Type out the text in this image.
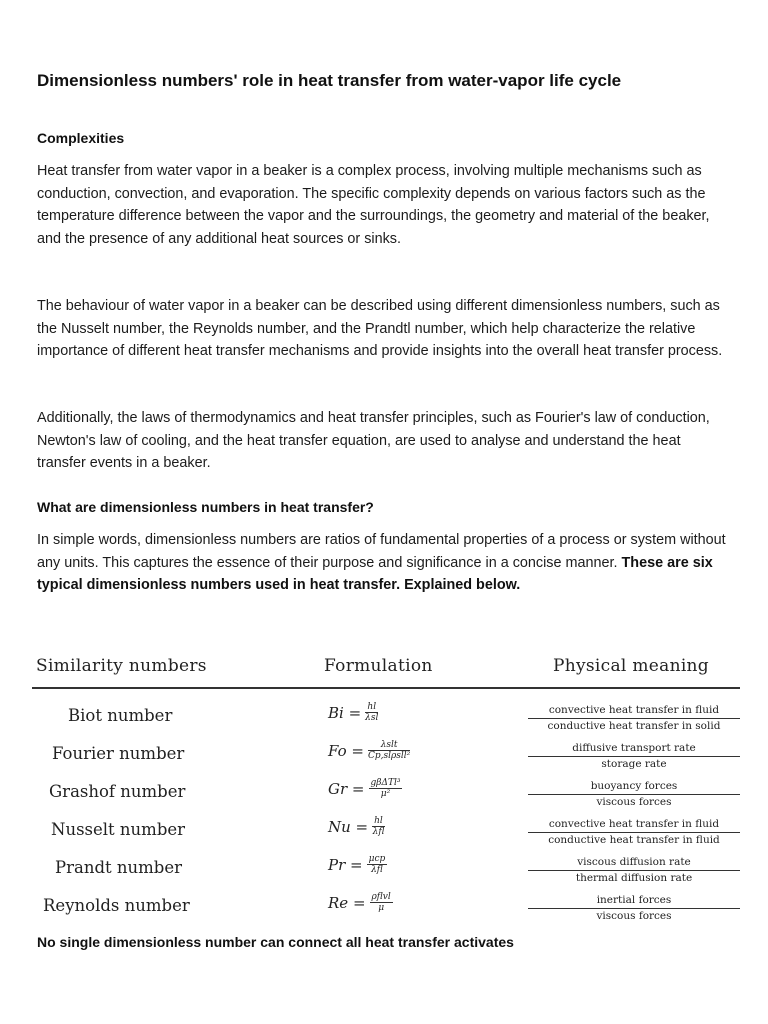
Dimensionless numbers' role in heat transfer from water-vapor life cycle
Complexities
Heat transfer from water vapor in a beaker is a complex process, involving multiple mechanisms such as conduction, convection, and evaporation. The specific complexity depends on various factors such as the temperature difference between the vapor and the surroundings, the geometry and material of the beaker, and the presence of any additional heat sources or sinks.
The behaviour of water vapor in a beaker can be described using different dimensionless numbers, such as the Nusselt number, the Reynolds number, and the Prandtl number, which help characterize the relative importance of different heat transfer mechanisms and provide insights into the overall heat transfer process.
Additionally, the laws of thermodynamics and heat transfer principles, such as Fourier's law of conduction, Newton's law of cooling, and the heat transfer equation, are used to analyse and understand the heat transfer events in a beaker.
What are dimensionless numbers in heat transfer?
In simple words, dimensionless numbers are ratios of fundamental properties of a process or system without any units. This captures the essence of their purpose and significance in a concise manner. These are six typical dimensionless numbers used in heat transfer. Explained below.
Similarity numbers	Formulation	Physical meaning
Biot number	$Bi = \frac{hl}{\text{λsl}}$	convective heat transfer in fluid
conductive heat transfer in solid
Fourier number	$Fo = \frac{\text{λslt}}{\text{Cp,slρsll²}}$	diffusive transport rate
storage rate
Grashof number	$Gr = \frac{\text{gβΔTl³}}{\text{μ²}}$	buoyancy forces
viscous forces
Nusselt number	$Nu = \frac{hl}{\text{λfl}}$	convective heat transfer in fluid
conductive heat transfer in fluid
Prandt number	$Pr = \frac{\text{μcp}}{\text{λfl}}$	viscous diffusion rate
thermal diffusion rate
Reynolds number	$Re = \frac{\text{ρflvl}}{\mu}$	inertial forces
viscous forces
No single dimensionless number can connect all heat transfer activates
